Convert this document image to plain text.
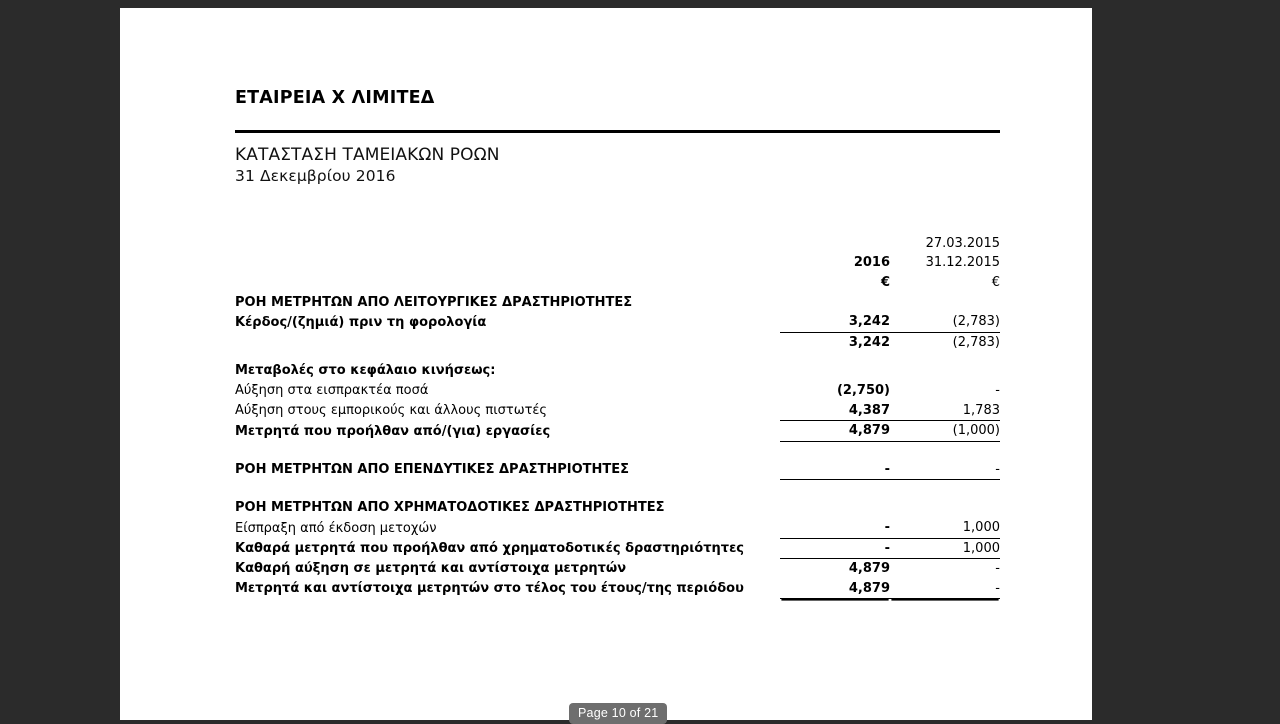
ΕΤΑΙΡΕΙΑ Χ ΛΙΜΙΤΕΔ
ΚΑΤΑΣΤΑΣΗ ΤΑΜΕΙΑΚΩΝ ΡΟΩΝ
31 Δεκεμβρίου 2016
		27.03.2015
	2016	31.12.2015
	€	€
ΡΟΗ ΜΕΤΡΗΤΩΝ ΑΠΟ ΛΕΙΤΟΥΡΓΙΚΕΣ ΔΡΑΣΤΗΡΙΟΤΗΤΕΣ		
Κέρδος/(ζημιά) πριν τη φορολογία	3,242	(2,783)
	3,242	(2,783)

Μεταβολές στο κεφάλαιο κινήσεως:		
Αύξηση στα εισπρακτέα ποσά	(2,750)	-
Αύξηση στους εμπορικούς και άλλους πιστωτές	4,387	1,783
Μετρητά που προήλθαν από/(για) εργασίες	4,879	(1,000)

ΡΟΗ ΜΕΤΡΗΤΩΝ ΑΠΟ ΕΠΕΝΔΥΤΙΚΕΣ ΔΡΑΣΤΗΡΙΟΤΗΤΕΣ	-	-

ΡΟΗ ΜΕΤΡΗΤΩΝ ΑΠΟ ΧΡΗΜΑΤΟΔΟΤΙΚΕΣ ΔΡΑΣΤΗΡΙΟΤΗΤΕΣ		
Είσπραξη από έκδοση μετοχών	-	1,000
Καθαρά μετρητά που προήλθαν από χρηματοδοτικές δραστηριότητες	-	1,000
Καθαρή αύξηση σε μετρητά και αντίστοιχα μετρητών	4,879	-
Μετρητά και αντίστοιχα μετρητών στο τέλος του έτους/της περιόδου	4,879	-
Page 10 of 21
